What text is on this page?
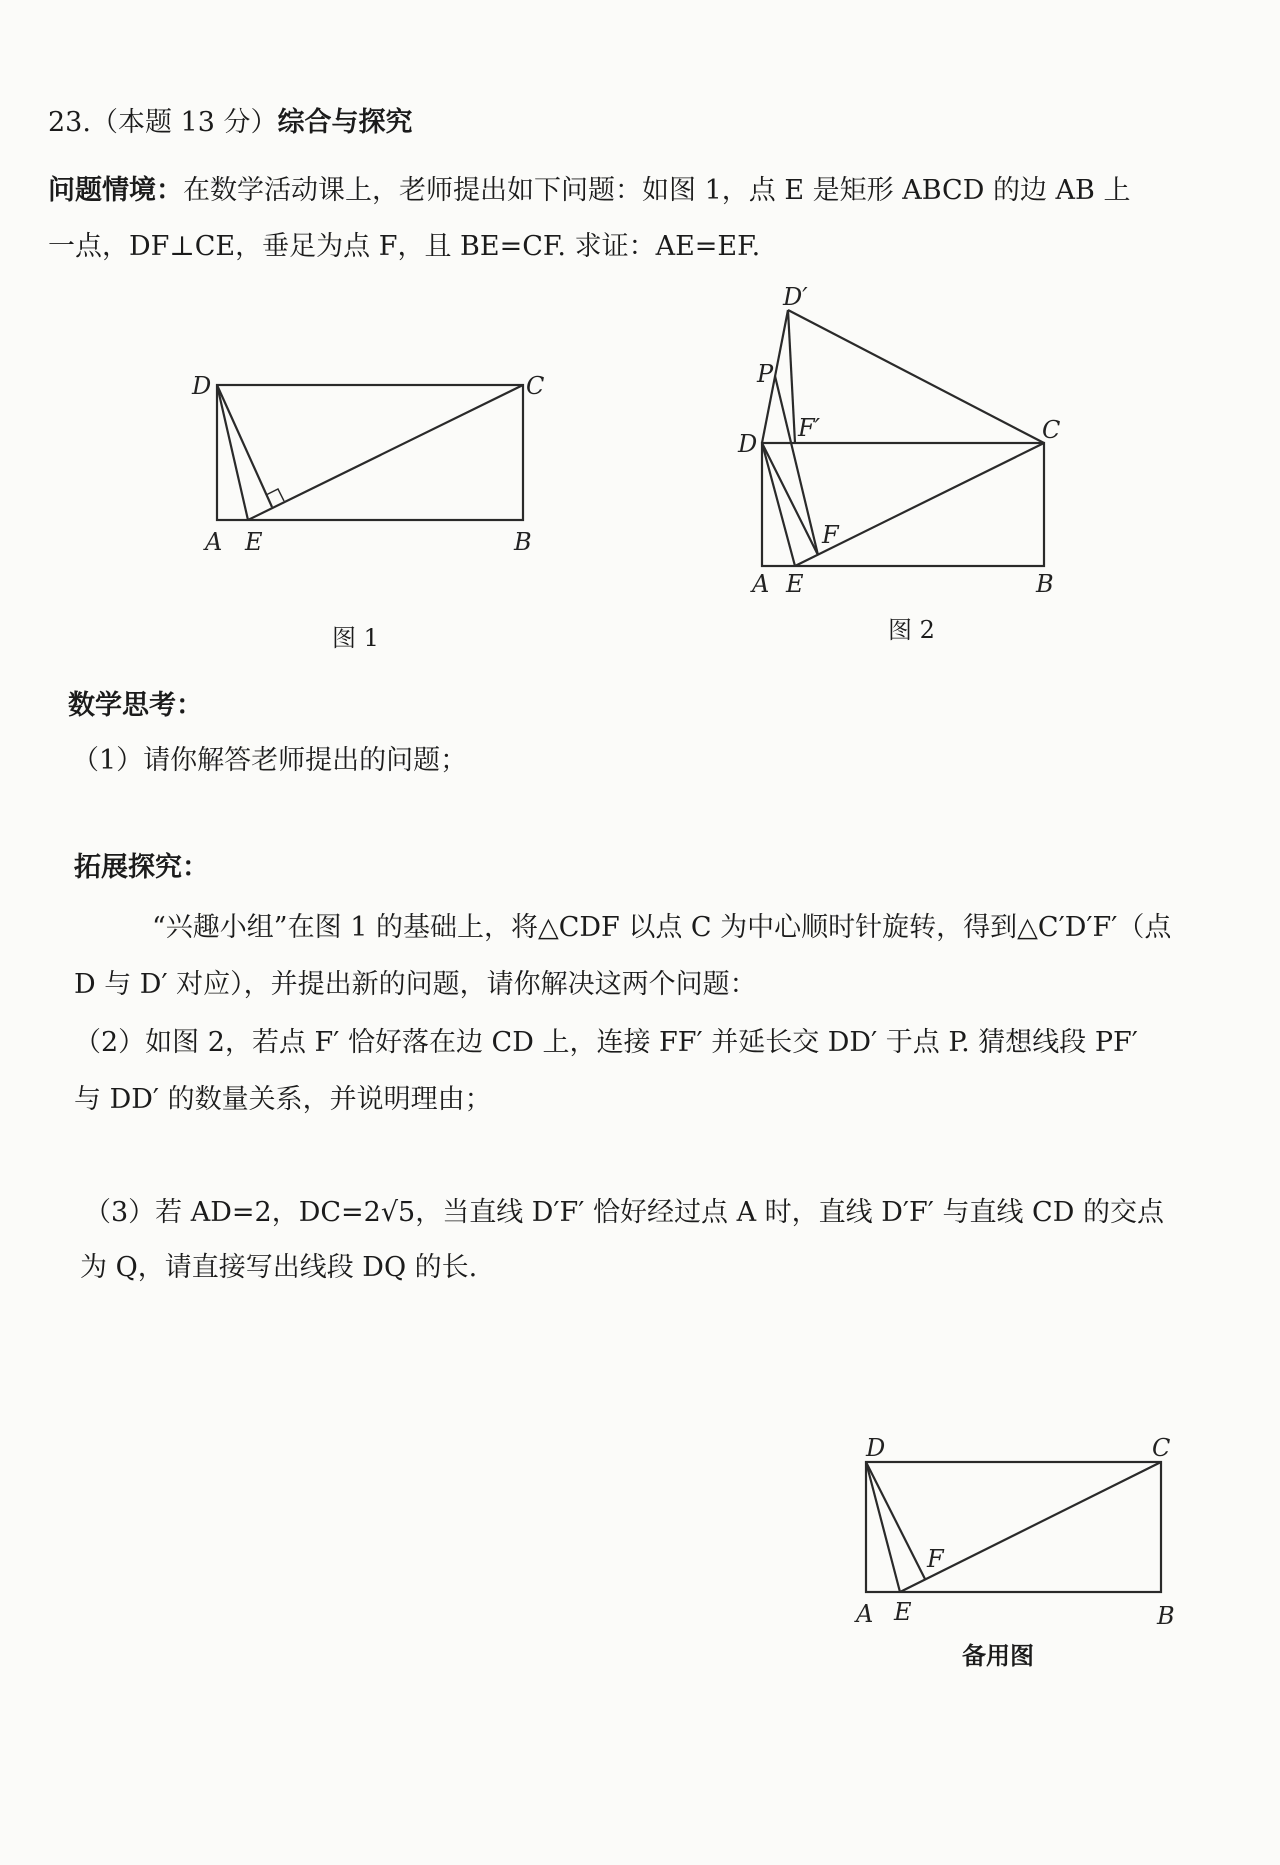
23.（本题 13 分）综合与探究
问题情境：在数学活动课上，老师提出如下问题：如图 1，点 E 是矩形 ABCD 的边 AB 上
一点，DF⊥CE，垂足为点 F，且 BE=CF. 求证：AE=EF.
D	C
A E	B
图 1
D′
P
F′
D	C
F
A E	B
图 2
数学思考：
（1）请你解答老师提出的问题；
拓展探究：
“兴趣小组”在图 1 的基础上，将△CDF 以点 C 为中心顺时针旋转，得到△C′D′F′（点
D 与 D′ 对应），并提出新的问题，请你解决这两个问题：
（2）如图 2，若点 F′ 恰好落在边 CD 上，连接 FF′ 并延长交 DD′ 于点 P. 猜想线段 PF′
与 DD′ 的数量关系，并说明理由；
（3）若 AD=2，DC=2√5，当直线 D′F′ 恰好经过点 A 时，直线 D′F′ 与直线 CD 的交点
为 Q，请直接写出线段 DQ 的长.
D	C
F
A E	B
备用图
